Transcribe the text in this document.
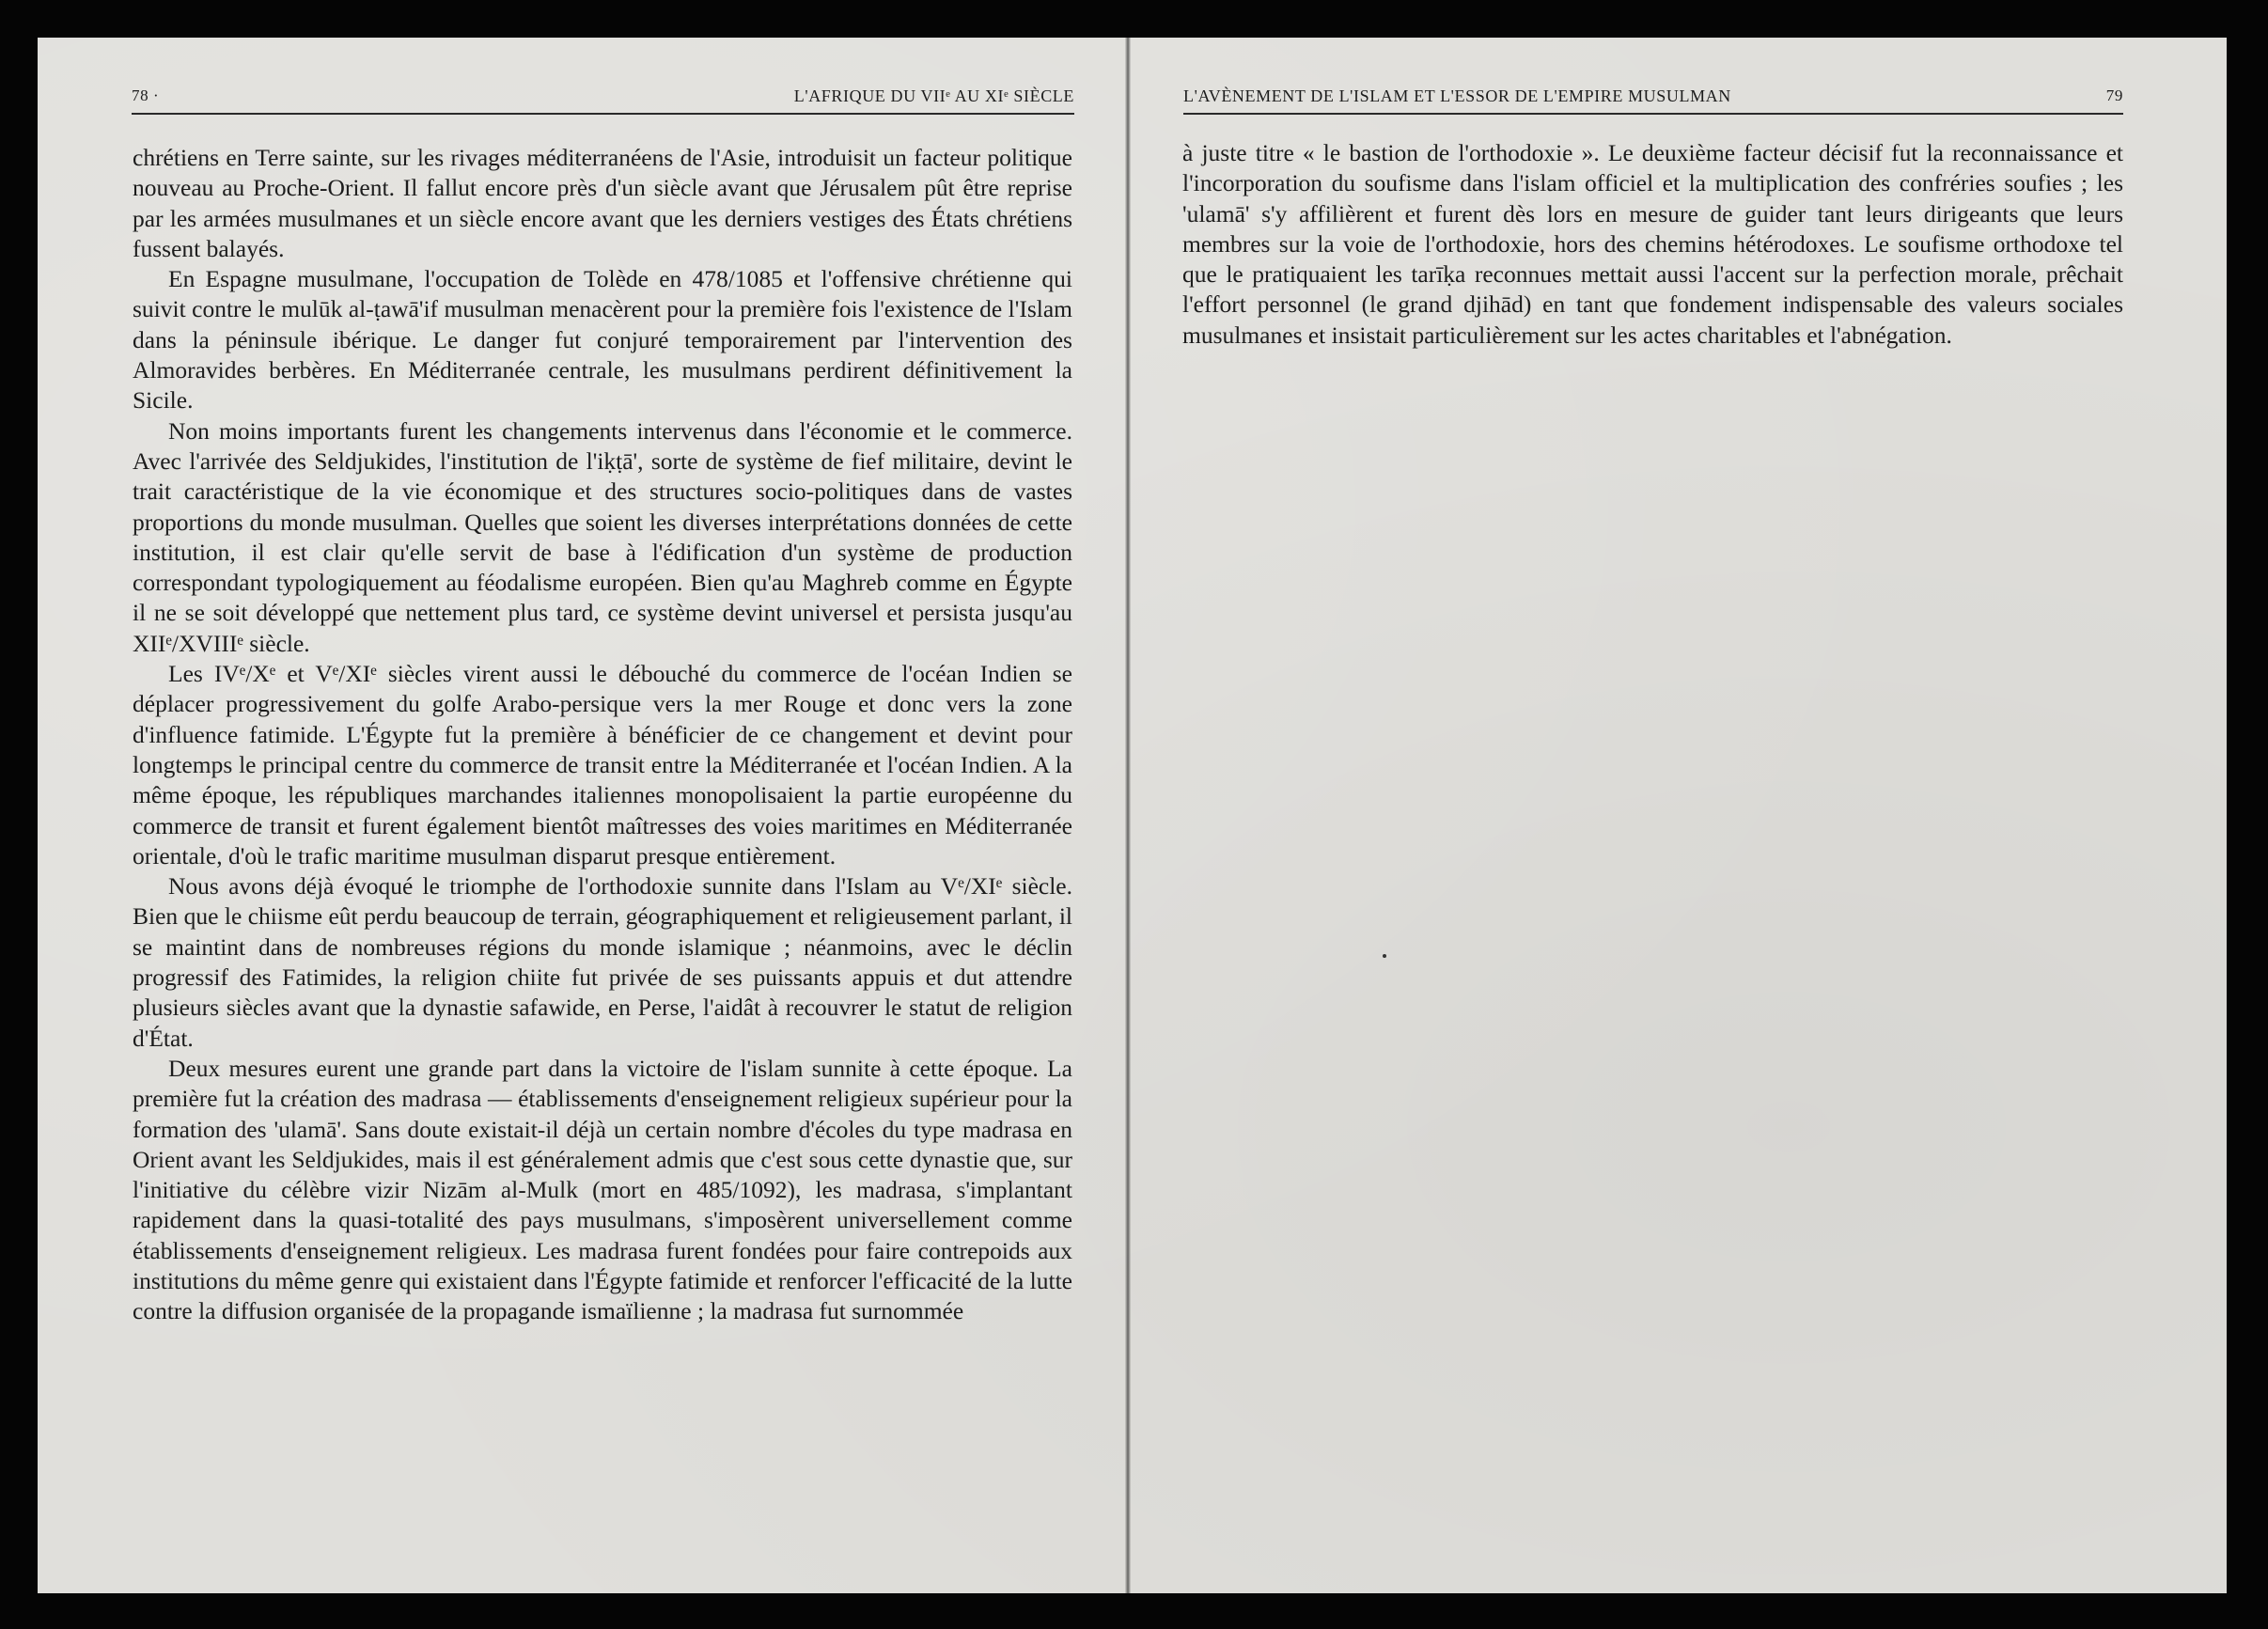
78 ·	L'AFRIQUE DU VIIᵉ AU XIᵉ SIÈCLE

chrétiens en Terre sainte, sur les rivages méditerranéens de l'Asie, introduisit un facteur politique nouveau au Proche-Orient. Il fallut encore près d'un siècle avant que Jérusalem pût être reprise par les armées musulmanes et un siècle encore avant que les derniers vestiges des États chrétiens fussent balayés.

En Espagne musulmane, l'occupation de Tolède en 478/1085 et l'offensive chrétienne qui suivit contre le mulūk al-ṭawā'if musulman menacèrent pour la première fois l'existence de l'Islam dans la péninsule ibérique. Le danger fut conjuré temporairement par l'intervention des Almoravides berbères. En Méditerranée centrale, les musulmans perdirent définitivement la Sicile.

Non moins importants furent les changements intervenus dans l'économie et le commerce. Avec l'arrivée des Seldjukides, l'institution de l'iḳṭā', sorte de système de fief militaire, devint le trait caractéristique de la vie économique et des structures socio-politiques dans de vastes proportions du monde musulman. Quelles que soient les diverses interprétations données de cette institution, il est clair qu'elle servit de base à l'édification d'un système de production correspondant typologiquement au féodalisme européen. Bien qu'au Maghreb comme en Égypte il ne se soit développé que nettement plus tard, ce système devint universel et persista jusqu'au XIIᵉ/XVIIIᵉ siècle.

Les IVᵉ/Xᵉ et Vᵉ/XIᵉ siècles virent aussi le débouché du commerce de l'océan Indien se déplacer progressivement du golfe Arabo-persique vers la mer Rouge et donc vers la zone d'influence fatimide. L'Égypte fut la première à bénéficier de ce changement et devint pour longtemps le principal centre du commerce de transit entre la Méditerranée et l'océan Indien. A la même époque, les républiques marchandes italiennes monopolisaient la partie européenne du commerce de transit et furent également bientôt maîtresses des voies maritimes en Méditerranée orientale, d'où le trafic maritime musulman disparut presque entièrement.

Nous avons déjà évoqué le triomphe de l'orthodoxie sunnite dans l'Islam au Vᵉ/XIᵉ siècle. Bien que le chiisme eût perdu beaucoup de terrain, géographiquement et religieusement parlant, il se maintint dans de nombreuses régions du monde islamique ; néanmoins, avec le déclin progressif des Fatimides, la religion chiite fut privée de ses puissants appuis et dut attendre plusieurs siècles avant que la dynastie safawide, en Perse, l'aidât à recouvrer le statut de religion d'État.

Deux mesures eurent une grande part dans la victoire de l'islam sunnite à cette époque. La première fut la création des madrasa — établissements d'enseignement religieux supérieur pour la formation des 'ulamā'. Sans doute existait-il déjà un certain nombre d'écoles du type madrasa en Orient avant les Seldjukides, mais il est généralement admis que c'est sous cette dynastie que, sur l'initiative du célèbre vizir Nizām al-Mulk (mort en 485/1092), les madrasa, s'implantant rapidement dans la quasi-totalité des pays musulmans, s'imposèrent universellement comme établissements d'enseignement religieux. Les madrasa furent fondées pour faire contrepoids aux institutions du même genre qui existaient dans l'Égypte fatimide et renforcer l'efficacité de la lutte contre la diffusion organisée de la propagande ismaïlienne ; la madrasa fut surnommée

L'AVÈNEMENT DE L'ISLAM ET L'ESSOR DE L'EMPIRE MUSULMAN	79

à juste titre « le bastion de l'orthodoxie ». Le deuxième facteur décisif fut la reconnaissance et l'incorporation du soufisme dans l'islam officiel et la multiplication des confréries soufies ; les 'ulamā' s'y affilièrent et furent dès lors en mesure de guider tant leurs dirigeants que leurs membres sur la voie de l'orthodoxie, hors des chemins hétérodoxes. Le soufisme orthodoxe tel que le pratiquaient les tarīḳa reconnues mettait aussi l'accent sur la perfection morale, prêchait l'effort personnel (le grand djihād) en tant que fondement indispensable des valeurs sociales musulmanes et insistait particulièrement sur les actes charitables et l'abnégation.
